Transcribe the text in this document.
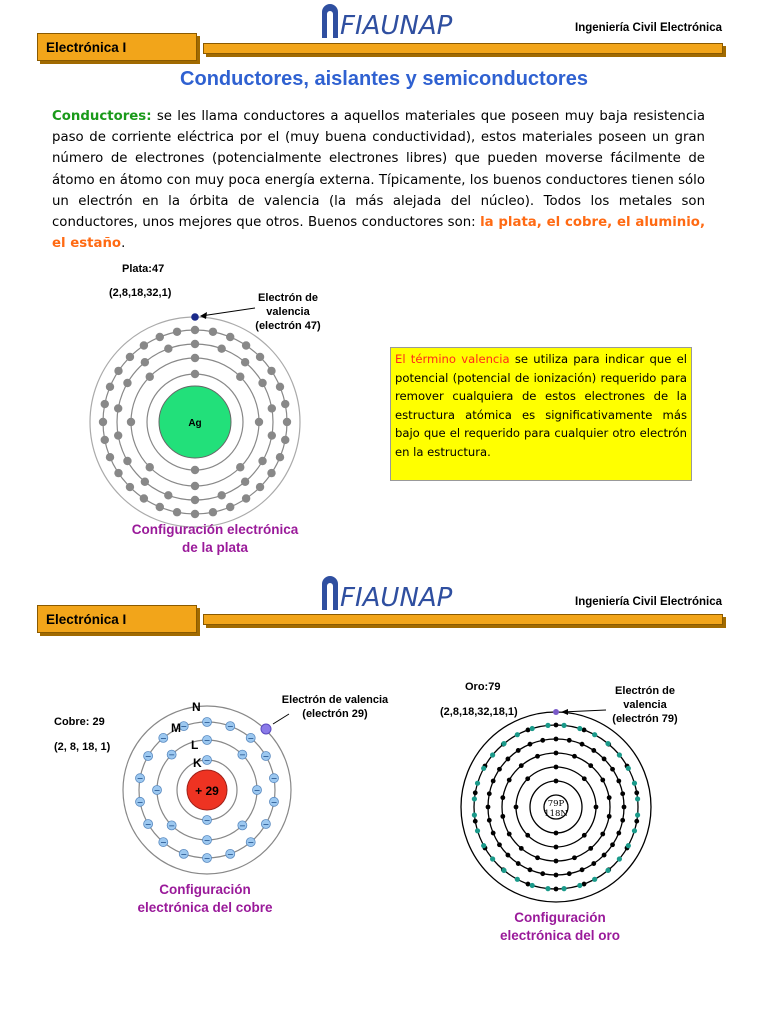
Electrónica I
FIAUNAP	Ingeniería Civil Electrónica
Conductores, aislantes y semiconductores
Conductores: se les llama conductores a aquellos materiales que poseen muy baja resistencia paso de corriente eléctrica por el (muy buena conductividad), estos materiales poseen un gran número de electrones (potencialmente electrones libres) que pueden moverse fácilmente de átomo en átomo con muy poca energía externa. Típicamente, los buenos conductores tienen sólo un electrón en la órbita de valencia (la más alejada del núcleo). Todos los metales son conductores, unos mejores que otros. Buenos conductores son: la plata, el cobre, el aluminio, el estaño.
Plata:47
(2,8,18,32,1)	Electrón de
valencia
(electrón 47)
Ag
Configuración electrónica
de la plata
El término valencia se utiliza para indicar que el potencial (potencial de ionización) requerido para remover cualquiera de estos electrones de la estructura atómica es significativamente más bajo que el requerido para cualquier otro electrón en la estructura.
Electrónica I
FIAUNAP	Ingeniería Civil Electrónica
Cobre: 29
(2, 8, 18, 1)
Electrón de valencia
(electrón 29)
−
−
−
−
−
−
−
−
−
−
− −
−
−
−
−
−
−
−
−
−
−
−
−
−
−
−
−
+ 29
K
L
M
N
Configuración
electrónica del cobre
Oro:79
(2,8,18,32,18,1)
Electrón de
valencia
(electrón 79)
79P
118N
Configuración
electrónica del oro
